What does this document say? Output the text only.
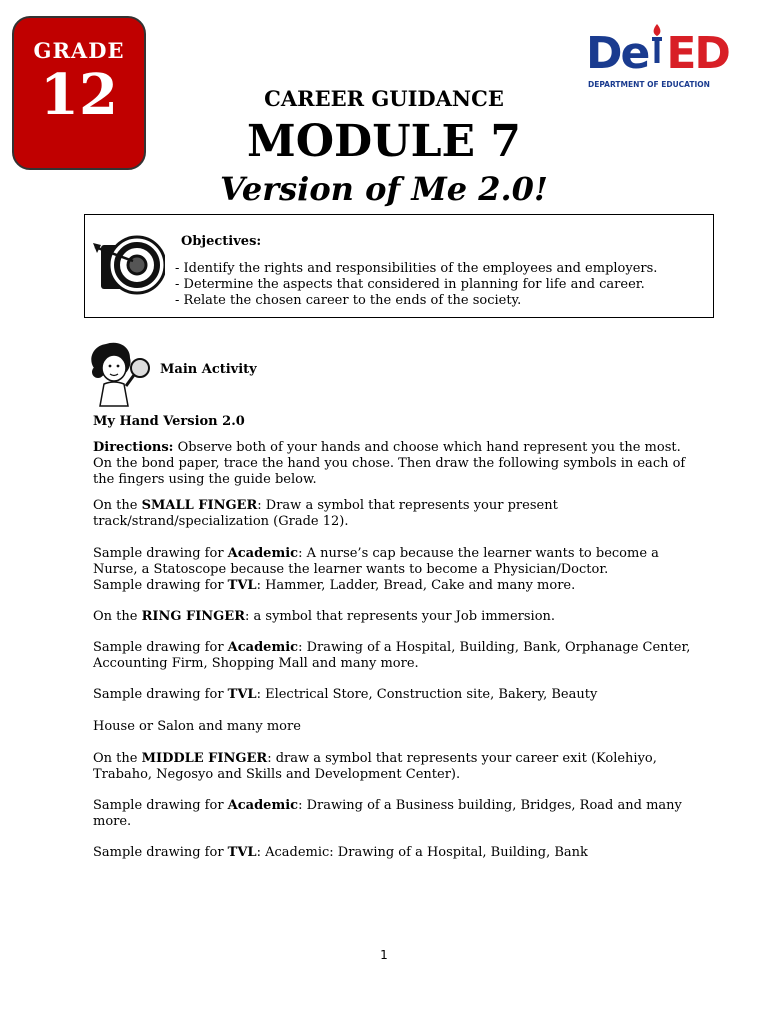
GRADE
12
De ED
DEPARTMENT OF EDUCATION
CAREER GUIDANCE
MODULE 7
Version of Me 2.0!
Objectives:
- Identify the rights and responsibilities of the employees and employers.
- Determine the aspects that considered in planning for life and career.
- Relate the chosen career to the ends of the society.
Main Activity

My Hand Version 2.0

Directions: Observe both of your hands and choose which hand represent you the most. On the bond paper, trace the hand you chose. Then draw the following symbols in each of the fingers using the guide below.

On the SMALL FINGER: Draw a symbol that represents your present track/strand/specialization (Grade 12).

Sample drawing for Academic: A nurse’s cap because the learner wants to become a Nurse, a Statoscope because the learner wants to become a Physician/Doctor.

Sample drawing for TVL: Hammer, Ladder, Bread, Cake and many more.

On the RING FINGER: a symbol that represents your Job immersion.

Sample drawing for Academic: Drawing of a Hospital, Building, Bank, Orphanage Center, Accounting Firm, Shopping Mall and many more.

Sample drawing for TVL: Electrical Store, Construction site, Bakery, Beauty

House or Salon and many more

On the MIDDLE FINGER: draw a symbol that represents your career exit (Kolehiyo, Trabaho, Negosyo and Skills and Development Center).

Sample drawing for Academic: Drawing of a Business building, Bridges, Road and many more.

Sample drawing for TVL: Academic: Drawing of a Hospital, Building, Bank

1
